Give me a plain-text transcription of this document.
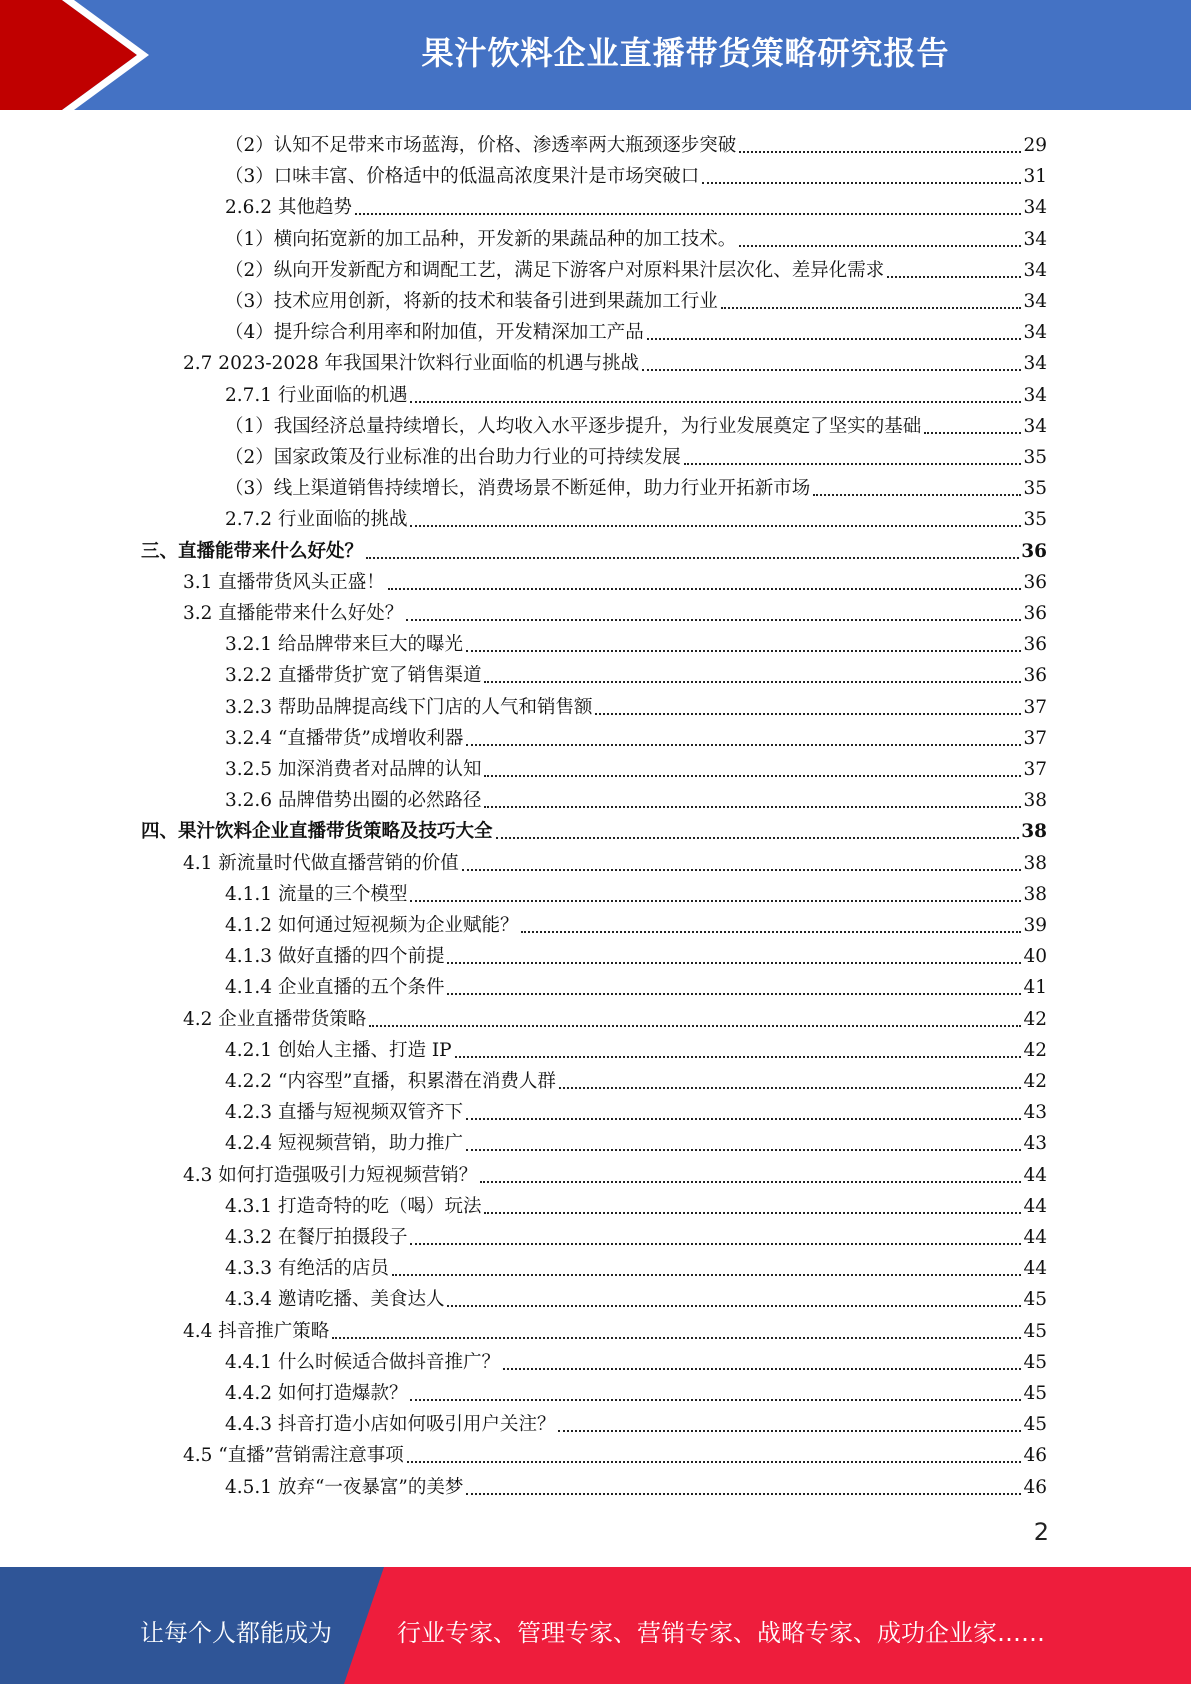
果汁饮料企业直播带货策略研究报告
（2）认知不足带来市场蓝海，价格、渗透率两大瓶颈逐步突破	29
（3）口味丰富、价格适中的低温高浓度果汁是市场突破口	31
2.6.2 其他趋势	34
（1）横向拓宽新的加工品种，开发新的果蔬品种的加工技术。	34
（2）纵向开发新配方和调配工艺，满足下游客户对原料果汁层次化、差异化需求	34
（3）技术应用创新，将新的技术和装备引进到果蔬加工行业	34
（4）提升综合利用率和附加值，开发精深加工产品	34
2.7 2023-2028 年我国果汁饮料行业面临的机遇与挑战	34
2.7.1 行业面临的机遇	34
（1）我国经济总量持续增长，人均收入水平逐步提升，为行业发展奠定了坚实的基础	34
（2）国家政策及行业标准的出台助力行业的可持续发展	35
（3）线上渠道销售持续增长，消费场景不断延伸，助力行业开拓新市场	35
2.7.2 行业面临的挑战	35
三、直播能带来什么好处？	36
3.1 直播带货风头正盛！	36
3.2 直播能带来什么好处？	36
3.2.1 给品牌带来巨大的曝光	36
3.2.2 直播带货扩宽了销售渠道	36
3.2.3 帮助品牌提高线下门店的人气和销售额	37
3.2.4 “直播带货”成增收利器	37
3.2.5 加深消费者对品牌的认知	37
3.2.6 品牌借势出圈的必然路径	38
四、果汁饮料企业直播带货策略及技巧大全	38
4.1 新流量时代做直播营销的价值	38
4.1.1 流量的三个模型	38
4.1.2 如何通过短视频为企业赋能？	39
4.1.3 做好直播的四个前提	40
4.1.4 企业直播的五个条件	41
4.2 企业直播带货策略	42
4.2.1 创始人主播、打造 IP	42
4.2.2 “内容型”直播，积累潜在消费人群	42
4.2.3 直播与短视频双管齐下	43
4.2.4 短视频营销，助力推广	43
4.3 如何打造强吸引力短视频营销？	44
4.3.1 打造奇特的吃（喝）玩法	44
4.3.2 在餐厅拍摄段子	44
4.3.3 有绝活的店员	44
4.3.4 邀请吃播、美食达人	45
4.4 抖音推广策略	45
4.4.1 什么时候适合做抖音推广？	45
4.4.2 如何打造爆款？	45
4.4.3 抖音打造小店如何吸引用户关注？	45
4.5 “直播”营销需注意事项	46
4.5.1 放弃“一夜暴富”的美梦	46
2
让每个人都能成为	行业专家、管理专家、营销专家、战略专家、成功企业家……
